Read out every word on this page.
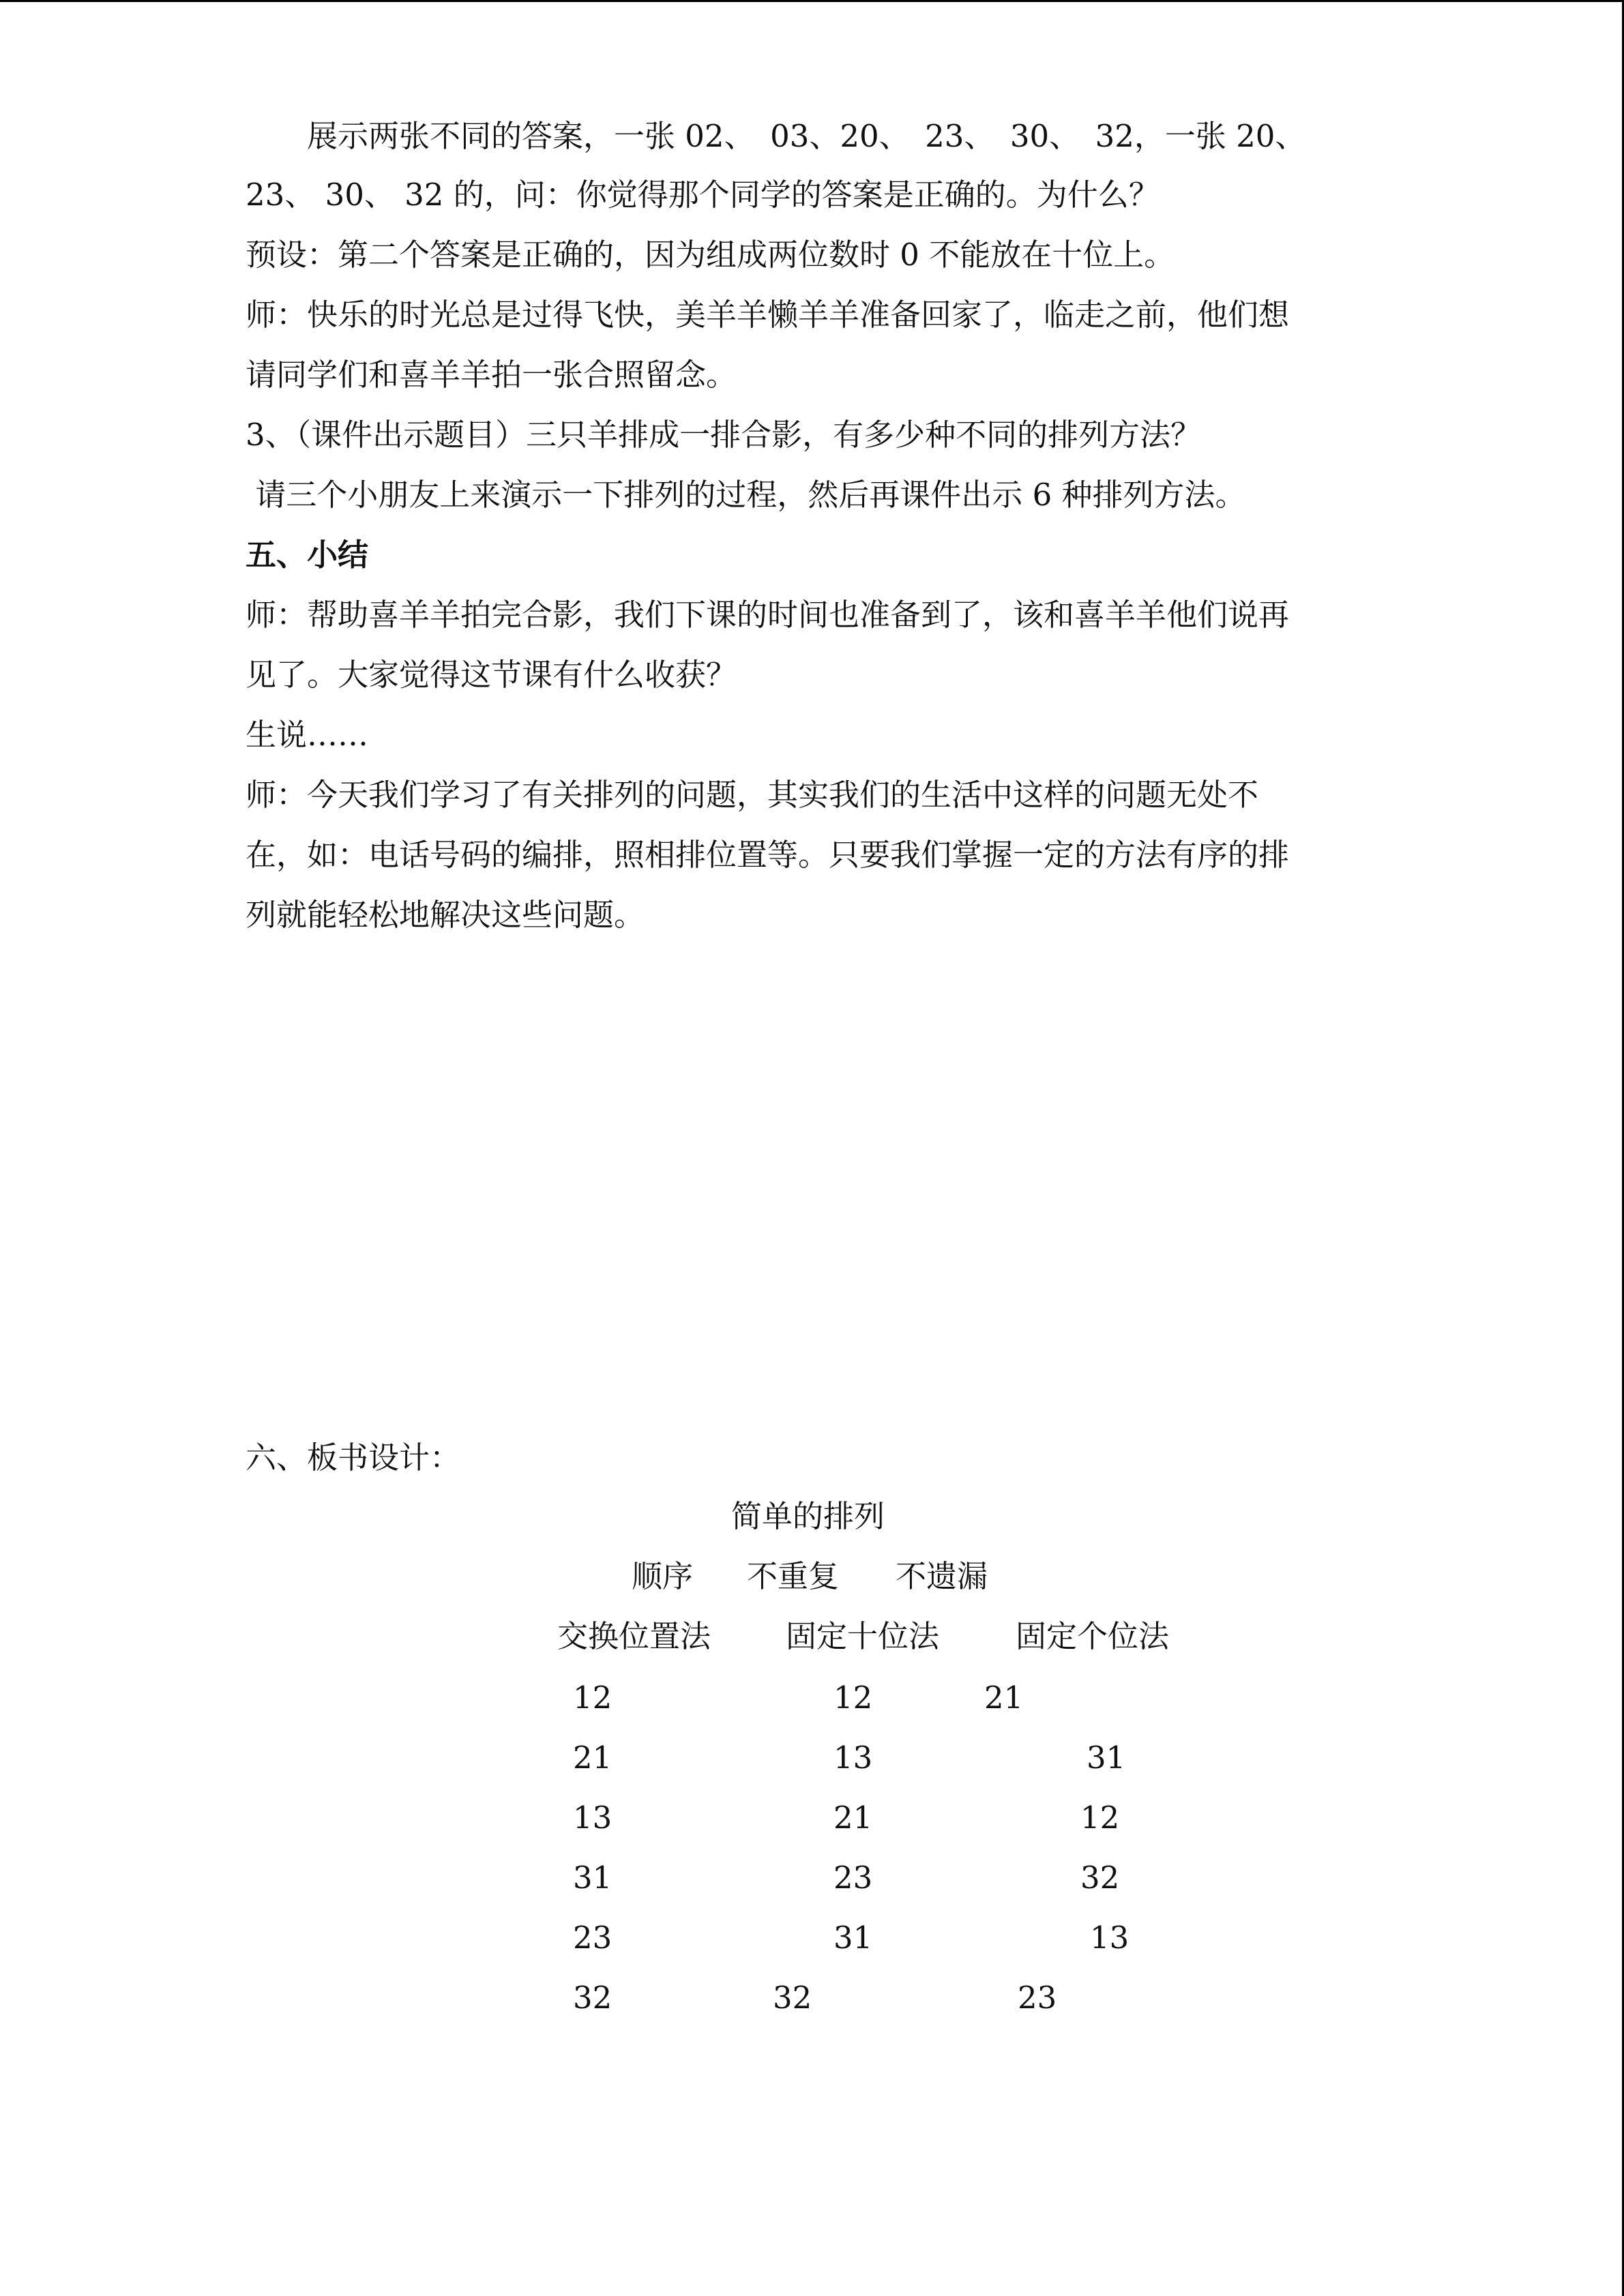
　　展示两张不同的答案，一张 02、　03、20、　23、　30、　32，一张 20、
23、 30、 32 的，问：你觉得那个同学的答案是正确的。为什么？
预设：第二个答案是正确的，因为组成两位数时 0 不能放在十位上。
师：快乐的时光总是过得飞快，美羊羊懒羊羊准备回家了，临走之前，他们想
请同学们和喜羊羊拍一张合照留念。
3、（课件出示题目）三只羊排成一排合影，有多少种不同的排列方法？
请三个小朋友上来演示一下排列的过程，然后再课件出示 6 种排列方法。
五、小结
师：帮助喜羊羊拍完合影，我们下课的时间也准备到了，该和喜羊羊他们说再
见了。大家觉得这节课有什么收获？
生说……
师：今天我们学习了有关排列的问题，其实我们的生活中这样的问题无处不
在，如：电话号码的编排，照相排位置等。只要我们掌握一定的方法有序的排
列就能轻松地解决这些问题。
六、板书设计：
简单的排列
顺序 不重复 不遗漏
交换位置法 固定十位法 固定个位法
12
21
13
31
23
32
12
13
21
23
31
32
21
31
12
32
13
23
